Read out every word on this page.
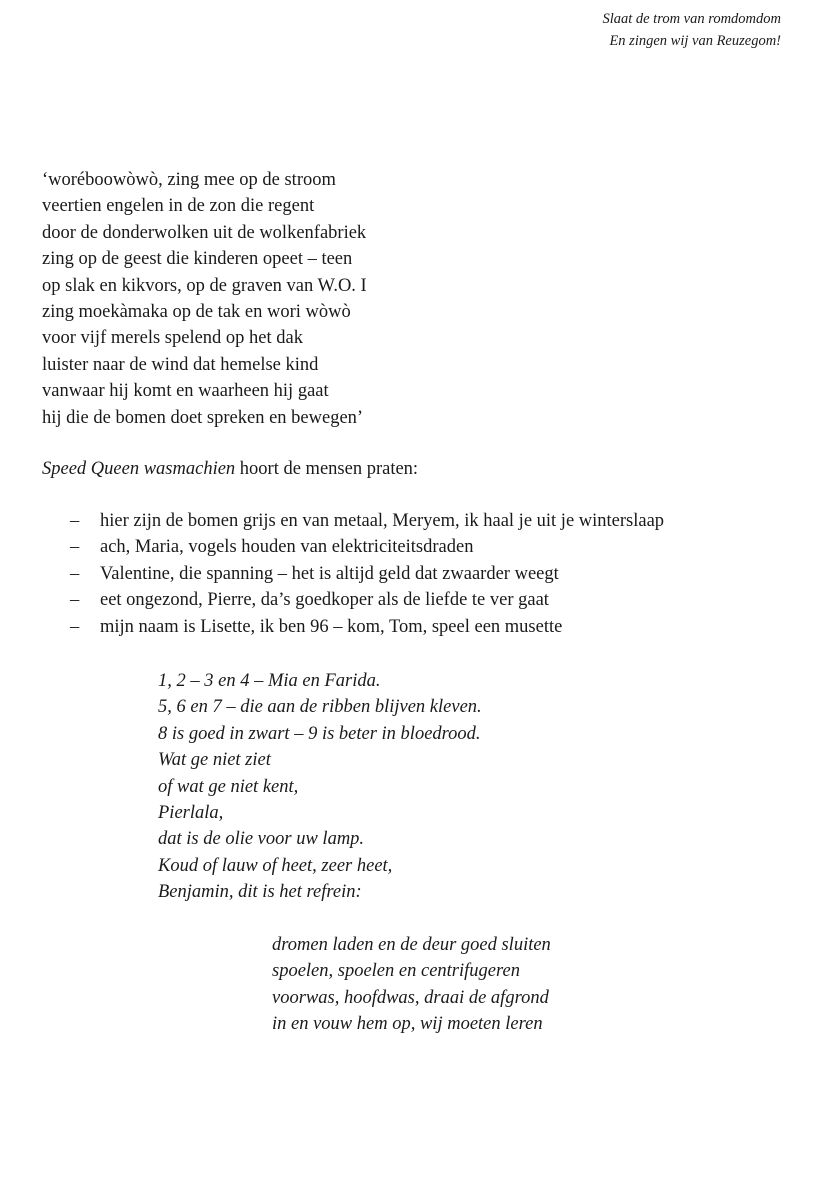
Slaat de trom van romdomdom
En zingen wij van Reuzegom!
‘woréboowòwò, zing mee op de stroom
veertien engelen in de zon die regent
door de donderwolken uit de wolkenfabriek
zing op de geest die kinderen opeet – teen
op slak en kikvors, op de graven van W.O. I
zing moekàmaka op de tak en wori wòwò
voor vijf merels spelend op het dak
luister naar de wind dat hemelse kind
vanwaar hij komt en waarheen hij gaat
hij die de bomen doet spreken en bewegen’
Speed Queen wasmachien hoort de mensen praten:
– hier zijn de bomen grijs en van metaal, Meryem, ik haal je uit je winterslaap
– ach, Maria, vogels houden van elektriciteitsdraden
– Valentine, die spanning – het is altijd geld dat zwaarder weegt
– eet ongezond, Pierre, da’s goedkoper als de liefde te ver gaat
– mijn naam is Lisette, ik ben 96 – kom, Tom, speel een musette
1, 2 – 3 en 4 – Mia en Farida.
5, 6 en 7 – die aan de ribben blijven kleven.
8 is goed in zwart – 9 is beter in bloedrood.
Wat ge niet ziet
of wat ge niet kent,
Pierlala,
dat is de olie voor uw lamp.
Koud of lauw of heet, zeer heet,
Benjamin, dit is het refrein:
dromen laden en de deur goed sluiten
spoelen, spoelen en centrifugeren
voorwas, hoofdwas, draai de afgrond
in en vouw hem op, wij moeten leren
